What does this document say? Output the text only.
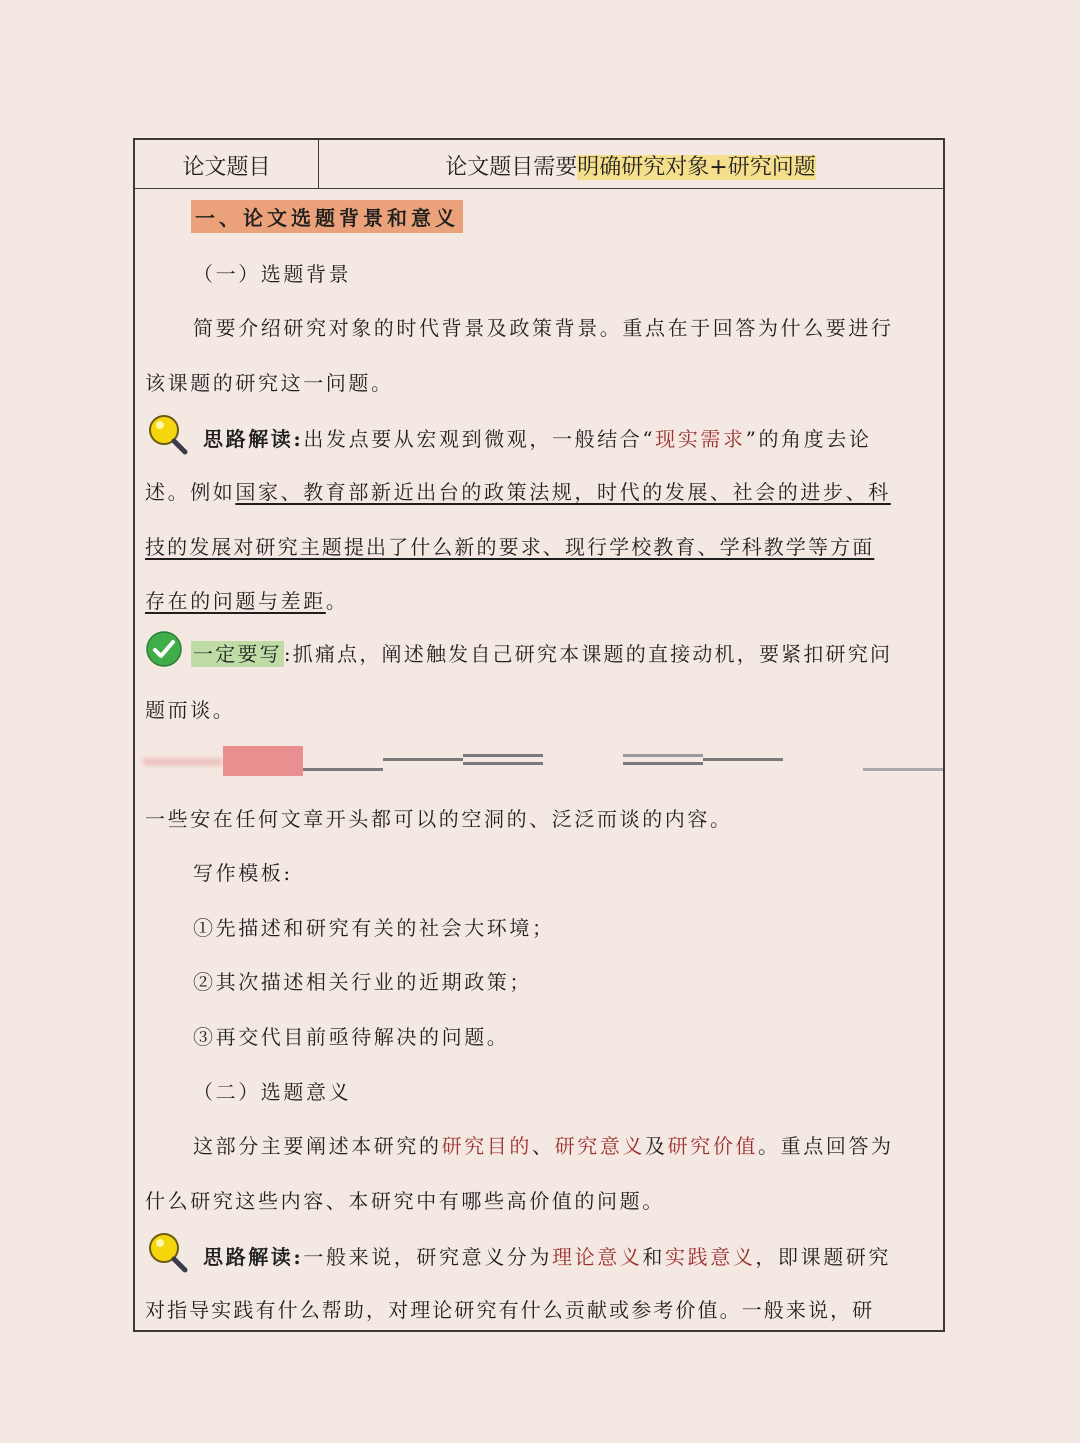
论文题目	论文题目需要明确研究对象+研究问题
一、论文选题背景和意义
（一）选题背景
简要介绍研究对象的时代背景及政策背景。重点在于回答为什么要进行
该课题的研究这一问题。
思路解读:出发点要从宏观到微观，一般结合“现实需求”的角度去论
述。例如国家、教育部新近出台的政策法规，时代的发展、社会的进步、科
技的发展对研究主题提出了什么新的要求、现行学校教育、学科教学等方面
存在的问题与差距。
一定要写 :抓痛点，阐述触发自己研究本课题的直接动机，要紧扣研究问
题而谈。
一些安在任何文章开头都可以的空洞的、泛泛而谈的内容。
写作模板:
①先描述和研究有关的社会大环境；
②其次描述相关行业的近期政策；
③再交代目前亟待解决的问题。
（二）选题意义
这部分主要阐述本研究的研究目的、研究意义及研究价值。重点回答为
什么研究这些内容、本研究中有哪些高价值的问题。
思路解读:一般来说，研究意义分为理论意义和实践意义，即课题研究
对指导实践有什么帮助，对理论研究有什么贡献或参考价值。一般来说，研
